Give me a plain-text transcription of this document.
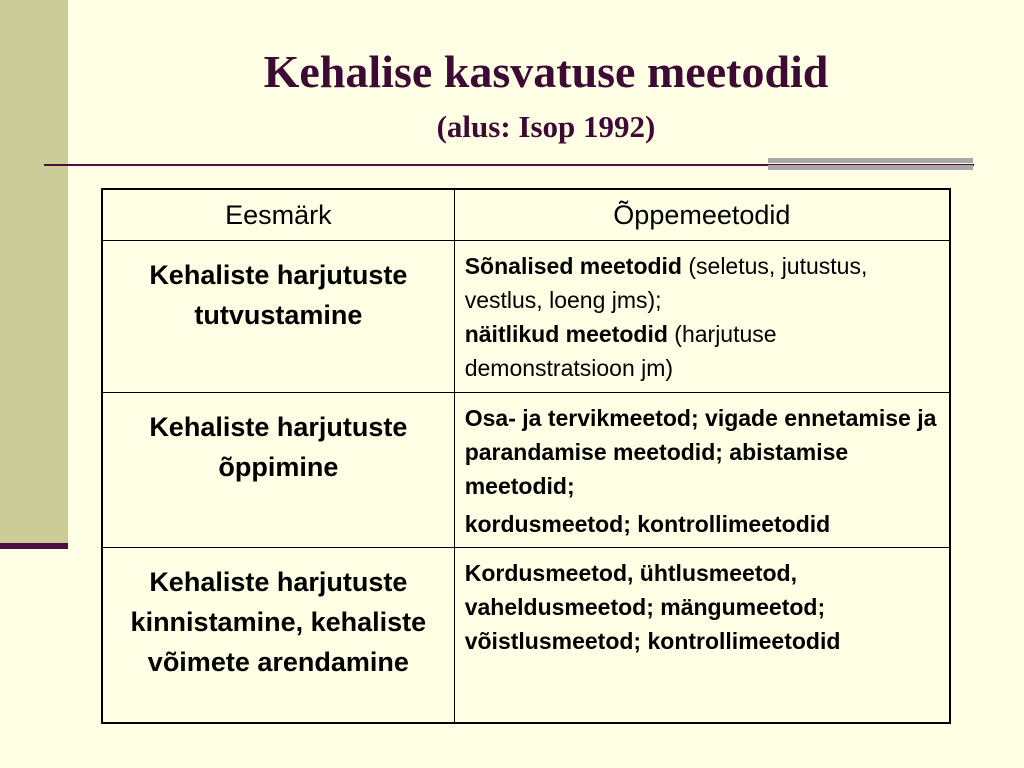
Kehalise kasvatuse meetodid
(alus: Isop 1992)
Eesmärk	Õppemeetodid
Kehaliste harjutuste tutvustamine	Sõnalised meetodid (seletus, jutustus, vestlus, loeng jms);
näitlikud meetodid (harjutuse demonstratsioon jm)
Kehaliste harjutuste õppimine	Osa- ja tervikmeetod; vigade ennetamise ja parandamise meetodid; abistamise meetodid;
kordusmeetod; kontrollimeetodid

Kehaliste harjutuste kinnistamine, kehaliste võimete arendamine	Kordusmeetod, ühtlusmeetod, vaheldusmeetod; mängumeetod; võistlusmeetod; kontrollimeetodid
